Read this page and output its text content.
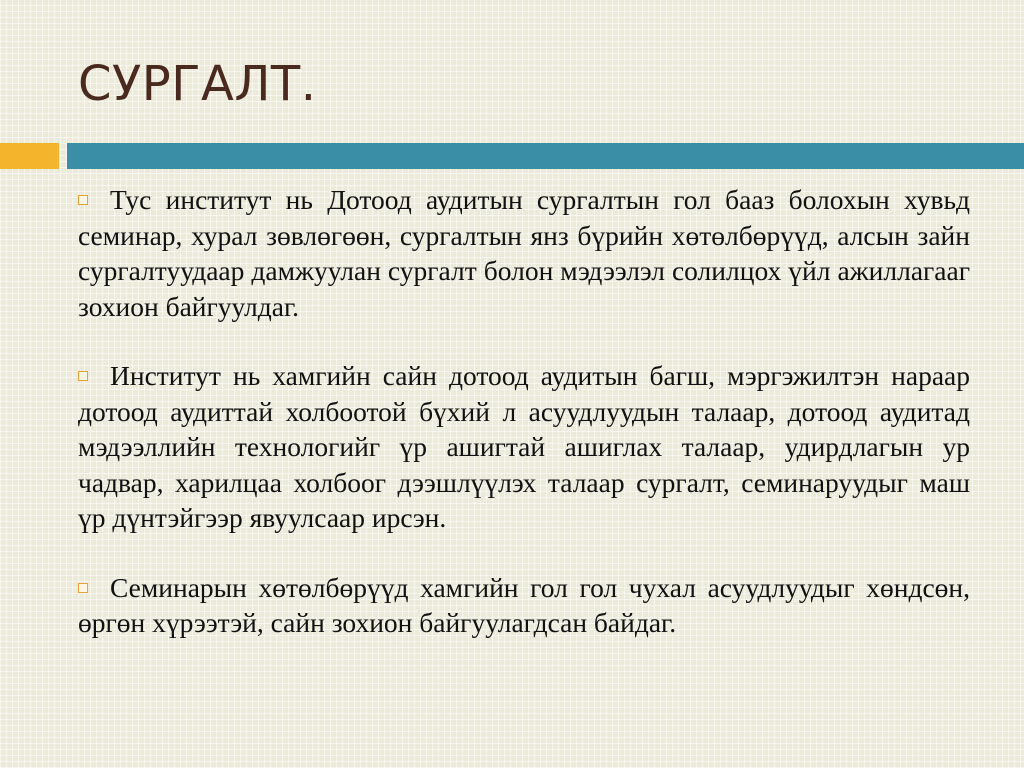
СУРГАЛТ.

Тус институт нь Дотоод аудитын сургалтын гол бааз болохын хувьд семинар, хурал зөвлөгөөн, сургалтын янз бүрийн хөтөлбөрүүд, алсын зайн сургалтуудаар дамжуулан сургалт болон мэдээлэл солилцох үйл ажиллагааг зохион байгуулдаг.

Институт нь хамгийн сайн дотоод аудитын багш, мэргэжилтэн нараар дотоод аудиттай холбоотой бүхий л асуудлуудын талаар, дотоод аудитад мэдээллийн технологийг үр ашигтай ашиглах талаар, удирдлагын ур чадвар, харилцаа холбоог дээшлүүлэх талаар сургалт, семинаруудыг маш үр дүнтэйгээр явуулсаар ирсэн.

Семинарын хөтөлбөрүүд хамгийн гол гол чухал асуудлуудыг хөндсөн, өргөн хүрээтэй, сайн зохион байгуулагдсан байдаг.
